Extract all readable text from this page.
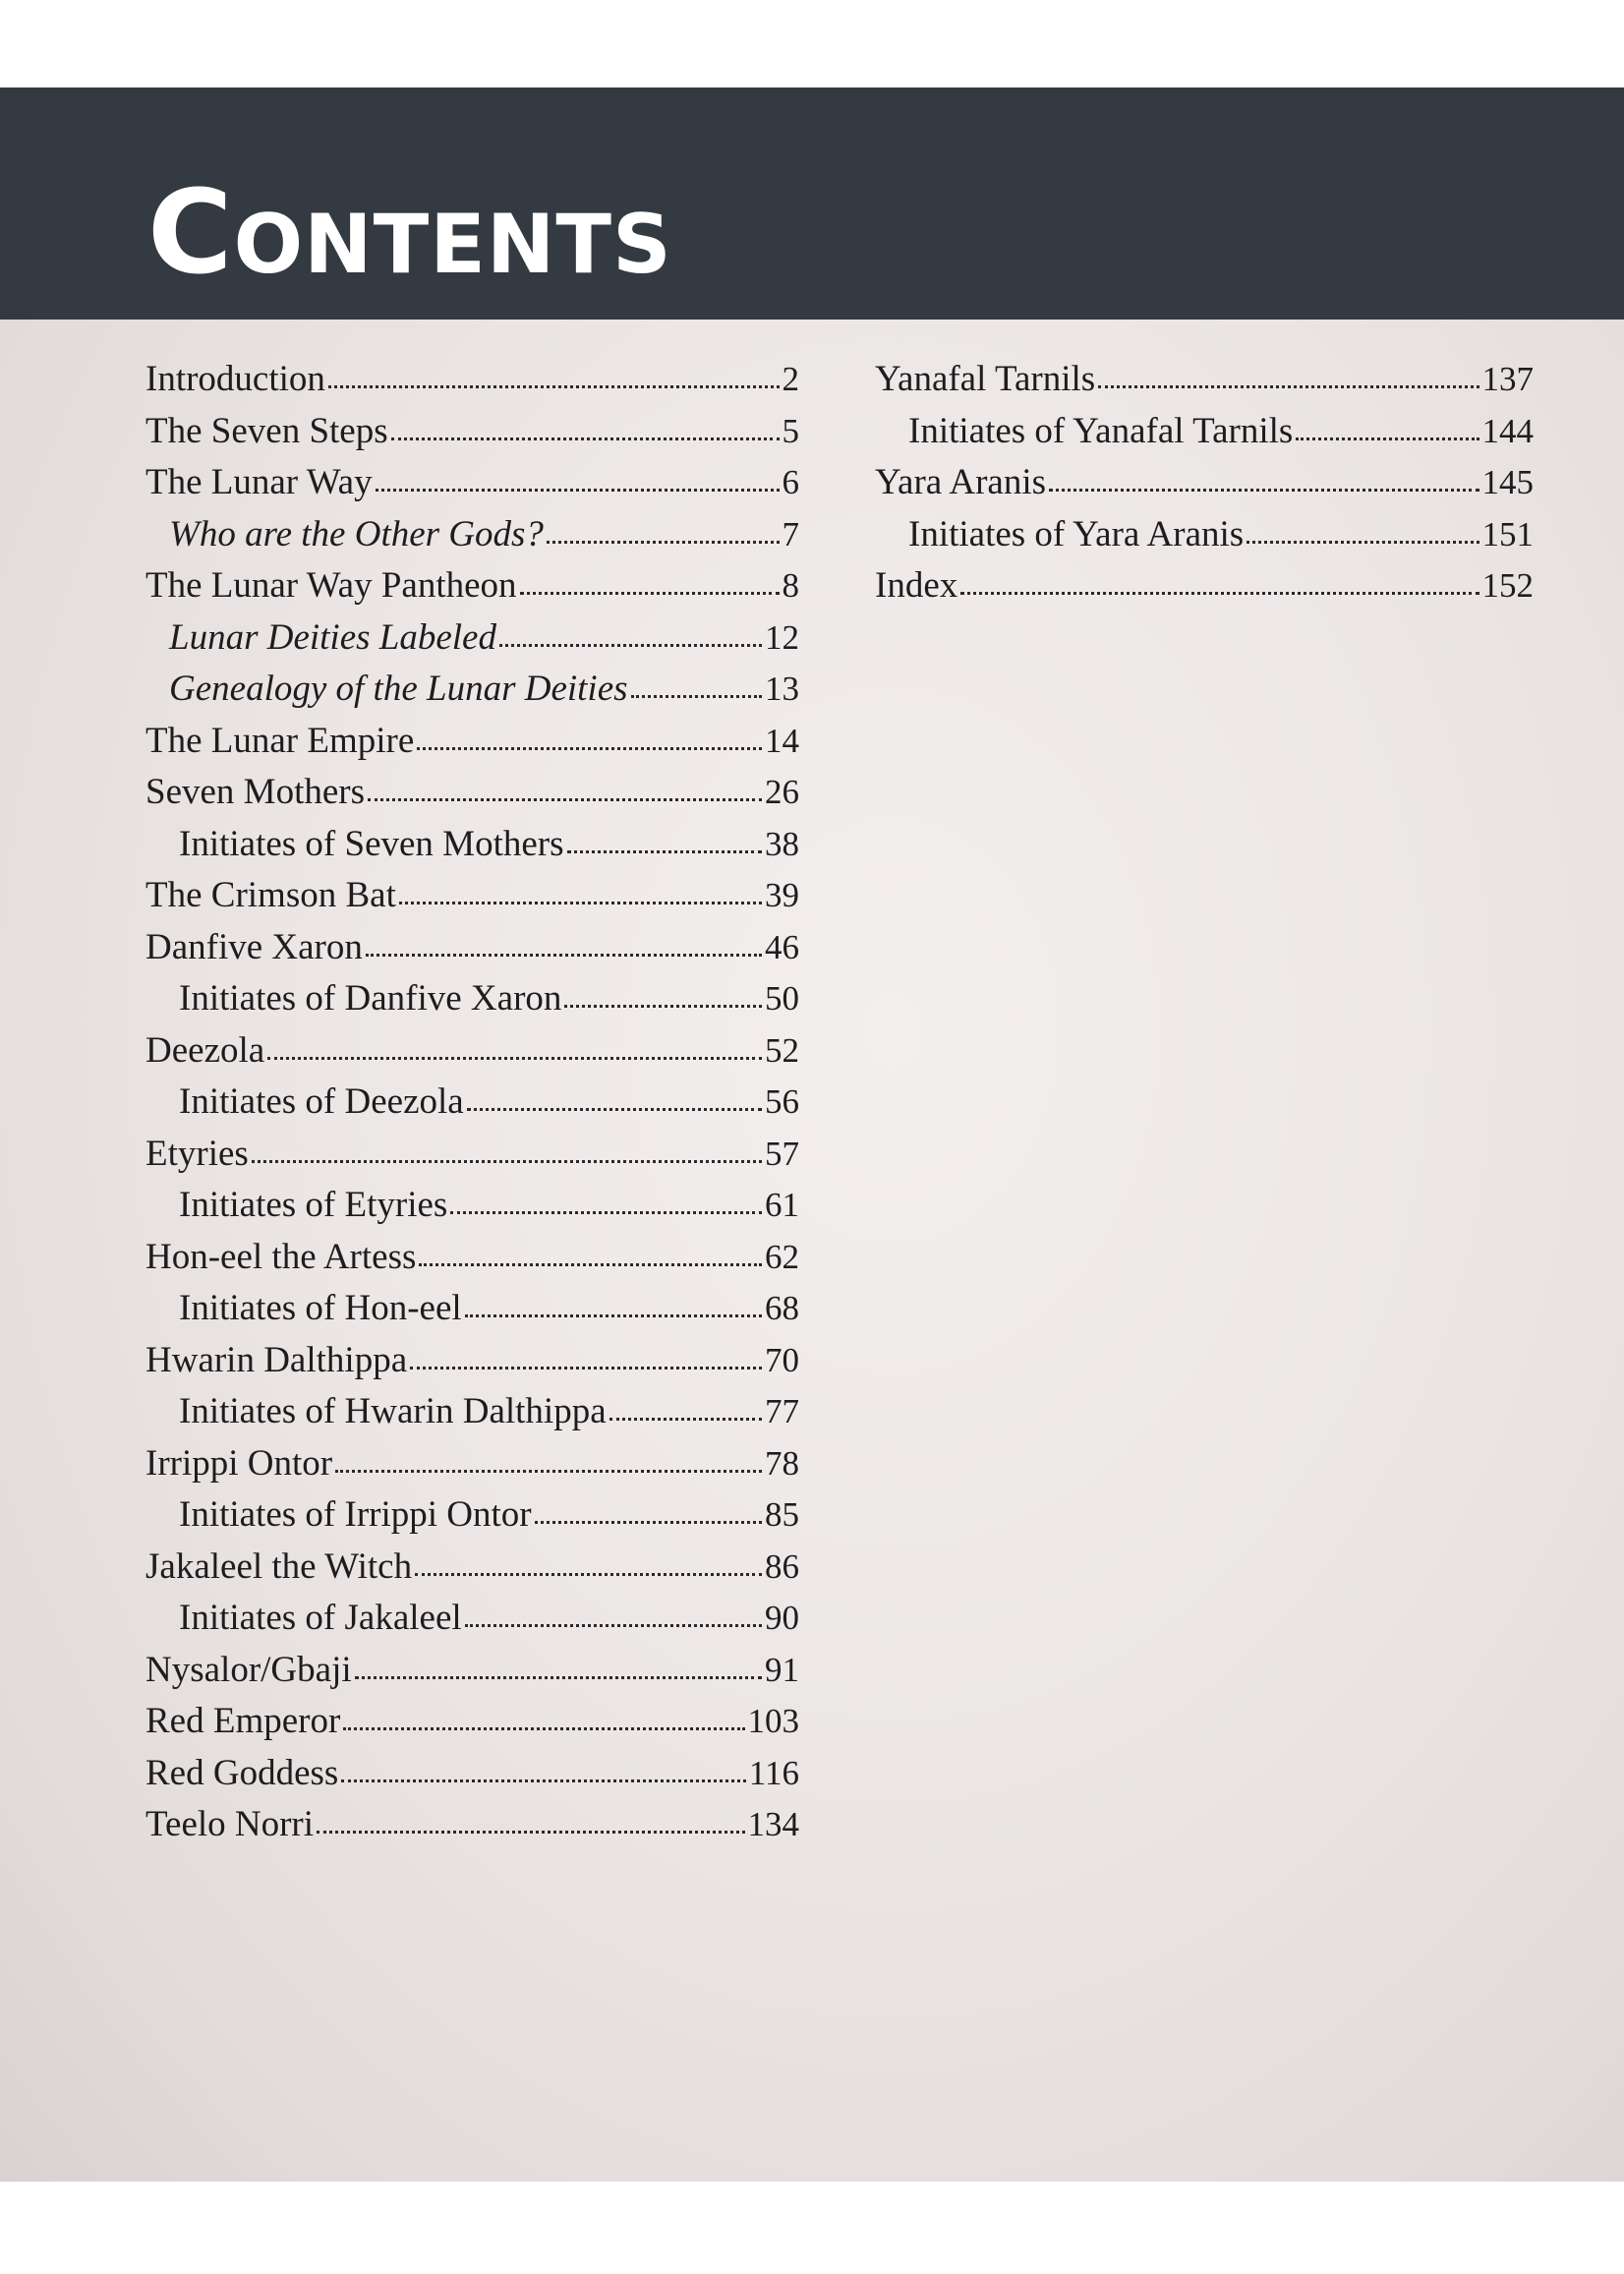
Contents
Introduction	2
The Seven Steps	5
The Lunar Way	6
Who are the Other Gods?	7
The Lunar Way Pantheon	8
Lunar Deities Labeled	12
Genealogy of the Lunar Deities	13
The Lunar Empire	14
Seven Mothers	26
Initiates of Seven Mothers	38
The Crimson Bat	39
Danfive Xaron	46
Initiates of Danfive Xaron	50
Deezola	52
Initiates of Deezola	56
Etyries	57
Initiates of Etyries	61
Hon-eel the Artess	62
Initiates of Hon-eel	68
Hwarin Dalthippa	70
Initiates of Hwarin Dalthippa	77
Irrippi Ontor	78
Initiates of Irrippi Ontor	85
Jakaleel the Witch	86
Initiates of Jakaleel	90
Nysalor/Gbaji	91
Red Emperor	103
Red Goddess	116
Teelo Norri	134
Yanafal Tarnils	137
Initiates of Yanafal Tarnils	144
Yara Aranis	145
Initiates of Yara Aranis	151
Index	152
